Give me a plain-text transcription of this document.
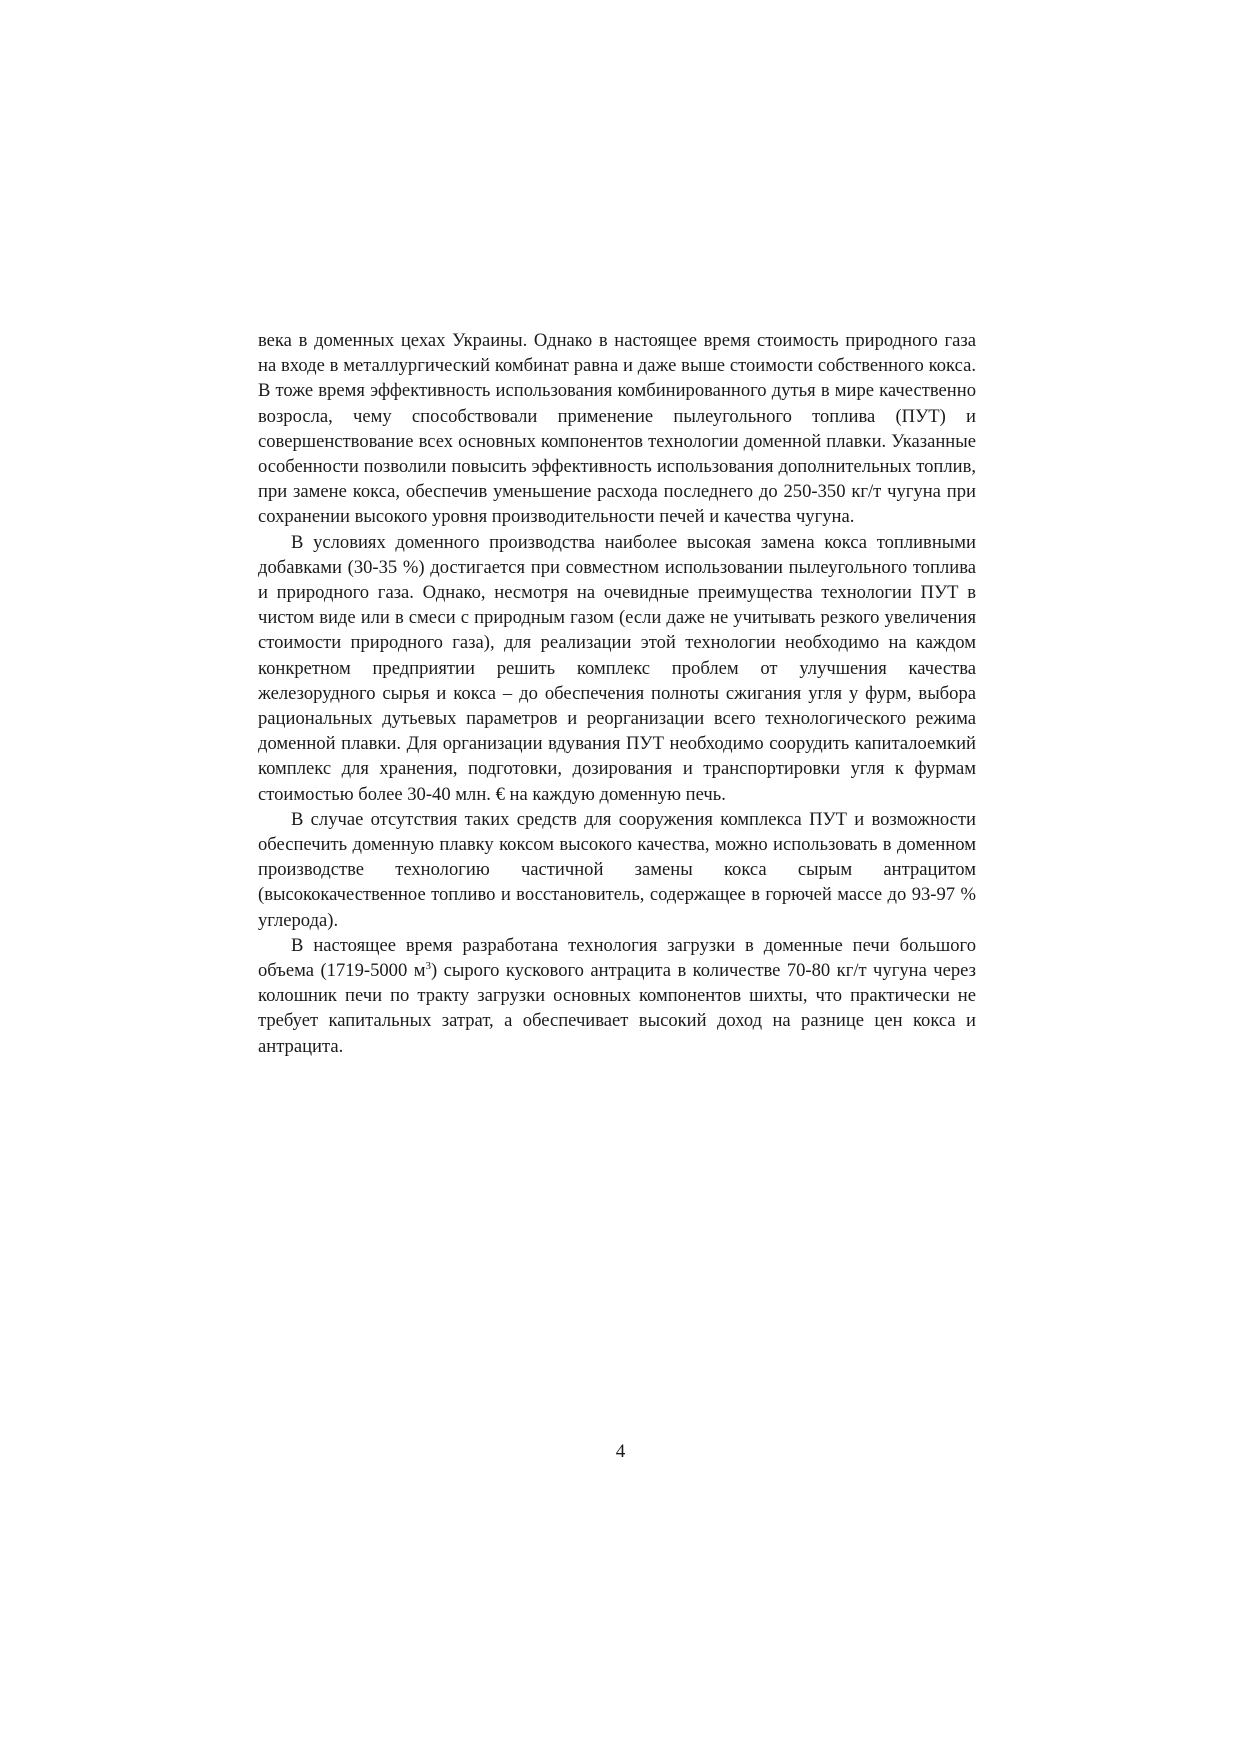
века в доменных цехах Украины. Однако в настоящее время стоимость природного газа на входе в металлургический комбинат равна и даже выше стоимости собственного кокса. В тоже время эффективность использования комбинированного дутья в мире качественно возросла, чему способствовали применение пылеугольного топлива (ПУТ) и совершенствование всех основных компонентов технологии доменной плавки. Указанные особенности позволили повысить эффективность использования дополнительных топлив, при замене кокса, обеспечив уменьшение расхода последнего до 250-350 кг/т чугуна при сохранении высокого уровня производительности печей и качества чугуна.

В условиях доменного производства наиболее высокая замена кокса топливными добавками (30-35 %) достигается при совместном использовании пылеугольного топлива и природного газа. Однако, несмотря на очевидные преимущества технологии ПУТ в чистом виде или в смеси с природным газом (если даже не учитывать резкого увеличения стоимости природного газа), для реализации этой технологии необходимо на каждом конкретном предприятии решить комплекс проблем от улучшения качества железорудного сырья и кокса – до обеспечения полноты сжигания угля у фурм, выбора рациональных дутьевых параметров и реорганизации всего технологического режима доменной плавки. Для организации вдувания ПУТ необходимо соорудить капиталоемкий комплекс для хранения, подготовки, дозирования и транспортировки угля к фурмам стоимостью более 30-40 млн. € на каждую доменную печь.

В случае отсутствия таких средств для сооружения комплекса ПУТ и возможности обеспечить доменную плавку коксом высокого качества, можно использовать в доменном производстве технологию частичной замены кокса сырым антрацитом (высококачественное топливо и восстановитель, содержащее в горючей массе до 93-97 % углерода).

В настоящее время разработана технология загрузки в доменные печи большого объема (1719-5000 $м^3$) сырого кускового антрацита в количестве 70-80 кг/т чугуна через колошник печи по тракту загрузки основных компонентов шихты, что практически не требует капитальных затрат, а обеспечивает высокий доход на разнице цен кокса и антрацита.

4
